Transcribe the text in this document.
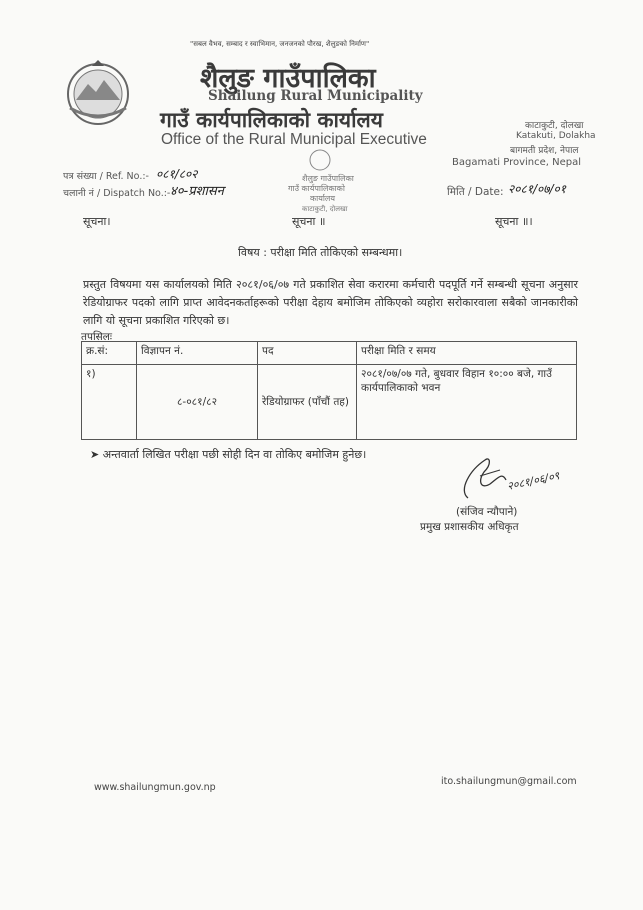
"सबल वैभव, सम्बाद र स्वाभिमान, जनजनको पौरख, शैलुङको निर्माण"
शैलुङ गाउँपालिका
Shailung Rural Municipality
गाउँ कार्यपालिकाको कार्यालय
Office of the Rural Municipal Executive
काटाकुटी, दोलखा
Katakuti, Dolakha
बागमती प्रदेश, नेपाल
Bagamati Province, Nepal
शैलुङ गाउँपालिका
गाउँ कार्यपालिकाको
कार्यालय
काटाकुटी, दोलखा
पत्र संख्या / Ref. No.:- ०८१/८०२
चलानी नं / Dispatch No.:- ४०-प्रशासन	मिति / Date: २०८१/०७/०१
सूचना।	सूचना ॥	सूचना ॥।
विषय : परीक्षा मिति तोकिएको सम्बन्धमा।
प्रस्तुत विषयमा यस कार्यालयको मिति २०८१/०६/०७ गते प्रकाशित सेवा करारमा कर्मचारी पदपूर्ति गर्ने सम्बन्धी सूचना अनुसार रेडियोग्राफर पदको लागि प्राप्त आवेदनकर्ताहरूको परीक्षा देहाय बमोजिम तोकिएको व्यहोरा सरोकारवाला सबैको जानकारीको लागि यो सूचना प्रकाशित गरिएको छ।
तपसिलः
क्र.सं:	विज्ञापन नं.	पद	परीक्षा मिति र समय
१)	८-०८१/८२	रेडियोग्राफर (पाँचौं तह)	२०८१/०७/०७ गते, बुधवार विहान १०:०० बजे, गाउँ कार्यपालिकाको भवन
➤ अन्तवार्ता लिखित परीक्षा पछी सोही दिन वा तोकिए बमोजिम हुनेछ।
२०८१/०६/०९
(संजिव न्यौपाने)
प्रमुख प्रशासकीय अधिकृत
www.shailungmun.gov.np
ito.shailungmun@gmail.com
